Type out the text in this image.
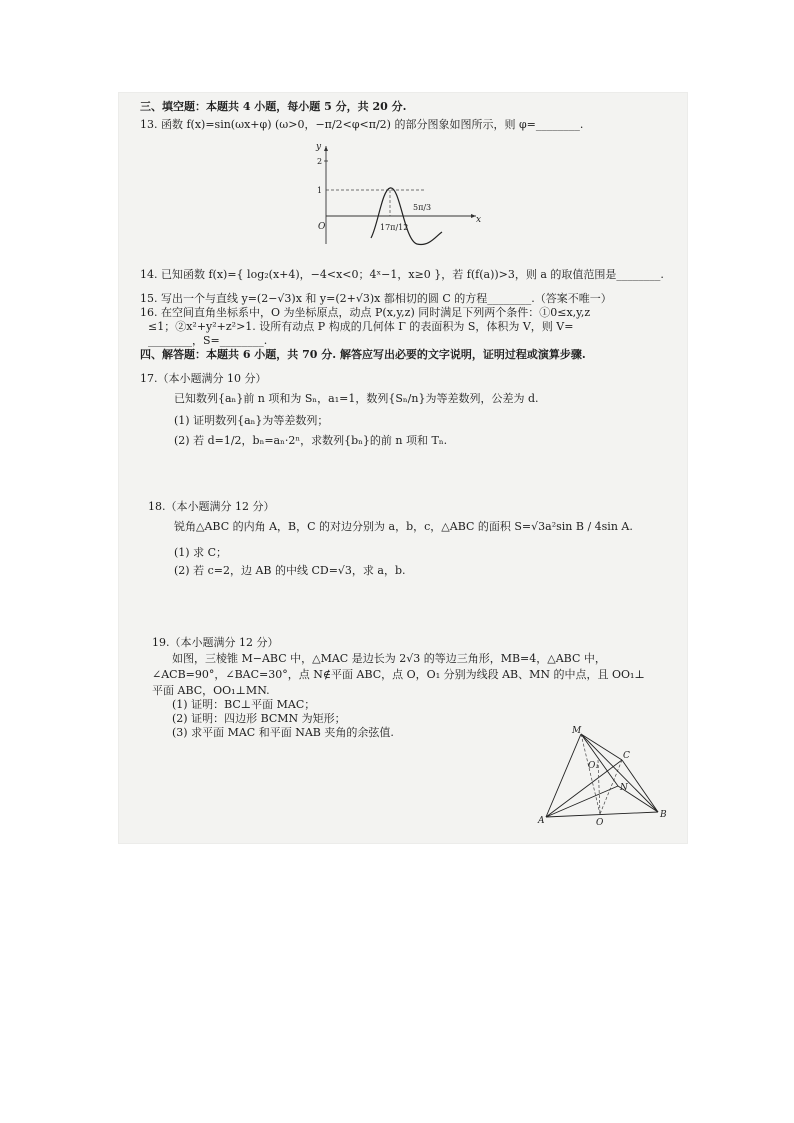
三、填空题：本题共 4 小题，每小题 5 分，共 20 分.
13. 函数 f(x)=sin(ωx+φ) (ω>0，−π/2<φ<π/2) 的部分图象如图所示，则 φ=________.
y
x
O
2
1
17π/12
5π/3
14. 已知函数 f(x)={ log₂(x+4)，−4<x<0；4ˣ−1，x≥0 }，若 f(f(a))>3，则 a 的取值范围是________.
15. 写出一个与直线 y=(2−√3)x 和 y=(2+√3)x 都相切的圆 C 的方程________.（答案不唯一）
16. 在空间直角坐标系中，O 为坐标原点，动点 P(x,y,z) 同时满足下列两个条件：①0≤x,y,z
≤1；②x²+y²+z²>1. 设所有动点 P 构成的几何体 Γ 的表面积为 S，体积为 V，则 V=
________，S=________.
四、解答题：本题共 6 小题，共 70 分. 解答应写出必要的文字说明，证明过程或演算步骤.
17.（本小题满分 10 分）
已知数列{aₙ}前 n 项和为 Sₙ，a₁=1，数列{Sₙ/n}为等差数列，公差为 d.
(1) 证明数列{aₙ}为等差数列；
(2) 若 d=1/2，bₙ=aₙ·2ⁿ，求数列{bₙ}的前 n 项和 Tₙ.
18.（本小题满分 12 分）
锐角△ABC 的内角 A，B，C 的对边分别为 a，b，c，△ABC 的面积 S=√3a²sin B / 4sin A.
(1) 求 C；
(2) 若 c=2，边 AB 的中线 CD=√3，求 a，b.
19.（本小题满分 12 分）
如图，三棱锥 M−ABC 中，△MAC 是边长为 2√3 的等边三角形，MB=4，△ABC 中，
∠ACB=90°，∠BAC=30°，点 N∉平面 ABC，点 O，O₁ 分别为线段 AB、MN 的中点，且 OO₁⊥
平面 ABC，OO₁⊥MN.
(1) 证明：BC⊥平面 MAC；
(2) 证明：四边形 BCMN 为矩形；
(3) 求平面 MAC 和平面 NAB 夹角的余弦值.	M
C
O₁
N
A
B
O
